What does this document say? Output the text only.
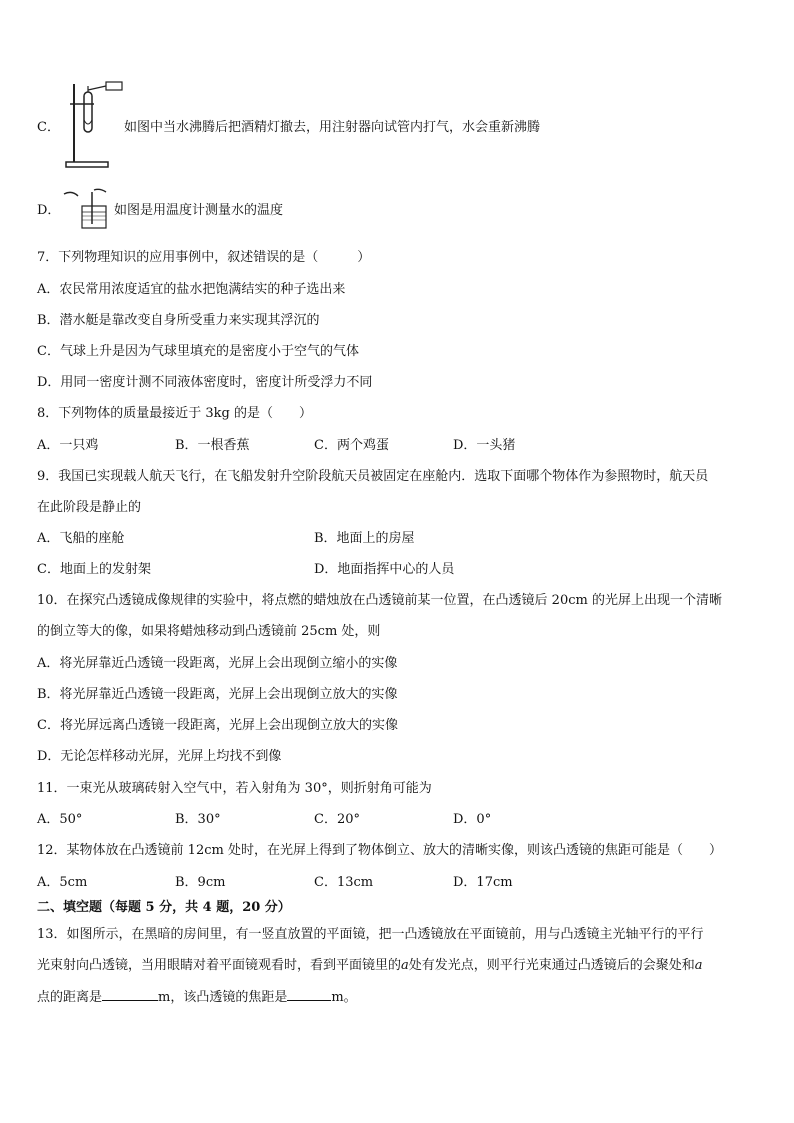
C．	如图中当水沸腾后把酒精灯撤去，用注射器向试管内打气，水会重新沸腾
D．	如图是用温度计测量水的温度
7．下列物理知识的应用事例中，叙述错误的是（　　　）
A．农民常用浓度适宜的盐水把饱满结实的种子选出来
B．潜水艇是靠改变自身所受重力来实现其浮沉的
C．气球上升是因为气球里填充的是密度小于空气的气体
D．用同一密度计测不同液体密度时，密度计所受浮力不同
8．下列物体的质量最接近于 3kg 的是（　　）
A．一只鸡	B．一根香蕉	C．两个鸡蛋	D．一头猪
9．我国已实现载人航天飞行，在飞船发射升空阶段航天员被固定在座舱内．选取下面哪个物体作为参照物时，航天员
在此阶段是静止的
A．飞船的座舱	B．地面上的房屋
C．地面上的发射架	D．地面指挥中心的人员
10．在探究凸透镜成像规律的实验中，将点燃的蜡烛放在凸透镜前某一位置，在凸透镜后 20cm 的光屏上出现一个清晰
的倒立等大的像，如果将蜡烛移动到凸透镜前 25cm 处，则
A．将光屏靠近凸透镜一段距离，光屏上会出现倒立缩小的实像
B．将光屏靠近凸透镜一段距离，光屏上会出现倒立放大的实像
C．将光屏远离凸透镜一段距离，光屏上会出现倒立放大的实像
D．无论怎样移动光屏，光屏上均找不到像
11．一束光从玻璃砖射入空气中，若入射角为 30°，则折射角可能为
A．50°	B．30°	C．20°	D．0°
12．某物体放在凸透镜前 12cm 处时，在光屏上得到了物体倒立、放大的清晰实像，则该凸透镜的焦距可能是（　　）
A．5cm	B．9cm	C．13cm	D．17cm
二、填空题（每题 5 分，共 4 题，20 分）
13．如图所示，在黑暗的房间里，有一竖直放置的平面镜，把一凸透镜放在平面镜前，用与凸透镜主光轴平行的平行
光束射向凸透镜，当用眼睛对着平面镜观看时，看到平面镜里的a处有发光点，则平行光束通过凸透镜后的会聚处和a
点的距离是	m，该凸透镜的焦距是	m。
